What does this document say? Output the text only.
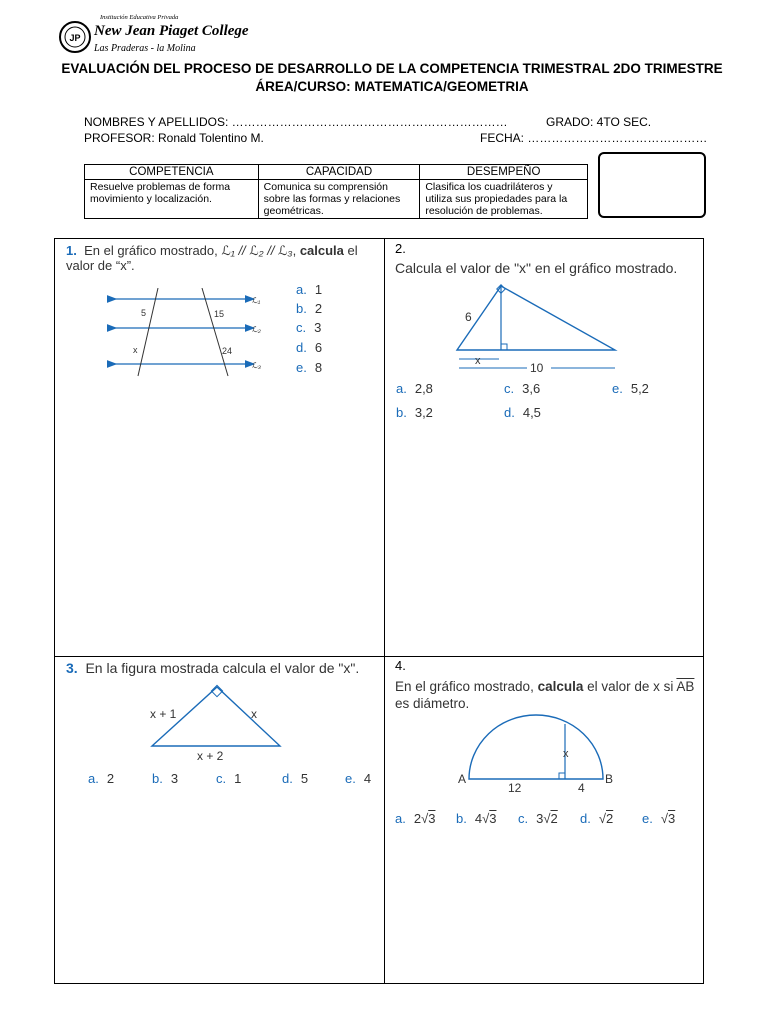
JP
Institución Educativa Privada
New Jean Piaget College
Las Praderas - la Molina
EVALUACIÓN DEL PROCESO DE DESARROLLO DE LA COMPETENCIA TRIMESTRAL 2DO TRIMESTRE
ÁREA/CURSO: MATEMATICA/GEOMETRIA
NOMBRES Y APELLIDOS: ……………………………………………………………	GRADO: 4TO SEC.
PROFESOR: Ronald Tolentino M.	FECHA: ………………………………………
COMPETENCIA	CAPACIDAD	DESEMPEÑO
Resuelve problemas de forma movimiento y localización.	Comunica su comprensión sobre las formas y relaciones geométricas.	Clasifica los cuadriláteros y utiliza sus propiedades para la resolución de problemas.
1. En el gráfico mostrado, ℒ₁ // ℒ₂ // ℒ₃, calcula el valor de “x”.
5	15
x	24
ℒ₁
ℒ₂
ℒ₃
a. 1
b. 2
c. 3
d. 6
e. 8
2.
Calcula el valor de "x" en el gráfico mostrado.
6
x	10
a. 2,8	c. 3,6	e. 5,2
b. 3,2	d. 4,5
3. En la figura mostrada calcula el valor de "x".
x + 1	x
x + 2
a. 2	b. 3	c. 1	d. 5	e. 4
4.
En el gráfico mostrado, calcula el valor de x si $\overline{AB}$
es diámetro.
A	B
x
12	4
a. 2√3 b. 4√3 c. 3√2 d. √2 e. √3
